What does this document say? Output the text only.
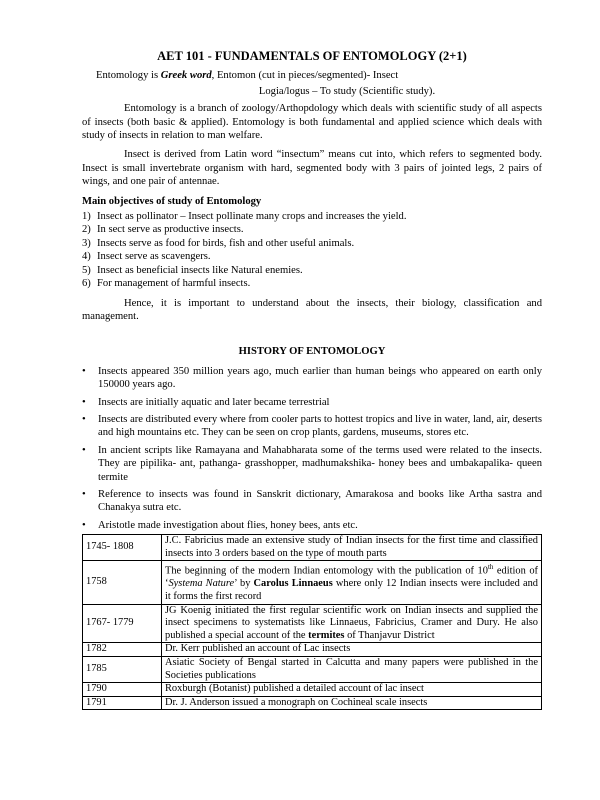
AET 101 - FUNDAMENTALS OF ENTOMOLOGY (2+1)

Entomology is Greek word, Entomon (cut in pieces/segmented)- Insect

Logia/logus – To study (Scientific study).

Entomology is a branch of zoology/Arthopdology which deals with scientific study of all aspects of insects (both basic & applied). Entomology is both fundamental and applied science which deals with study of insects in relation to man welfare.

Insect is derived from Latin word “insectum” means cut into, which refers to segmented body. Insect is small invertebrate organism with hard, segmented body with 3 pairs of jointed legs, 2 pairs of wings, and one pair of antennae.

Main objectives of study of Entomology

1) Insect as pollinator – Insect pollinate many crops and increases the yield.
2) In sect serve as productive insects.
3) Insects serve as food for birds, fish and other useful animals.
4) Insect serve as scavengers.
5) Insect as beneficial insects like Natural enemies.
6) For management of harmful insects.

Hence, it is important to understand about the insects, their biology, classification and management.

HISTORY OF ENTOMOLOGY

•	Insects appeared 350 million years ago, much earlier than human beings who appeared on earth only 150000 years ago.
•	Insects are initially aquatic and later became terrestrial
•	Insects are distributed every where from cooler parts to hottest tropics and live in water, land, air, deserts and high mountains etc. They can be seen on crop plants, gardens, museums, stores etc.
•	In ancient scripts like Ramayana and Mahabharata some of the terms used were related to the insects. They are pipilika- ant, pathanga- grasshopper, madhumakshika- honey bees and umbakapalika- queen termite
•	Reference to insects was found in Sanskrit dictionary, Amarakosa and books like Artha sastra and Chanakya sutra etc.
•	Aristotle made investigation about flies, honey bees, ants etc.
1745- 1808	J.C. Fabricius made an extensive study of Indian insects for the first time and classified insects into 3 orders based on the type of mouth parts
1758	The beginning of the modern Indian entomology with the publication of 10th edition of ‘Systema Nature’ by Carolus Linnaeus where only 12 Indian insects were included and it forms the first record
1767- 1779	JG Koenig initiated the first regular scientific work on Indian insects and supplied the insect specimens to systematists like Linnaeus, Fabricius, Cramer and Dury. He also published a special account of the termites of Thanjavur District
1782	Dr. Kerr published an account of Lac insects
1785	Asiatic Society of Bengal started in Calcutta and many papers were published in the Societies publications
1790	Roxburgh (Botanist) published a detailed account of lac insect
1791	Dr. J. Anderson issued a monograph on Cochineal scale insects
